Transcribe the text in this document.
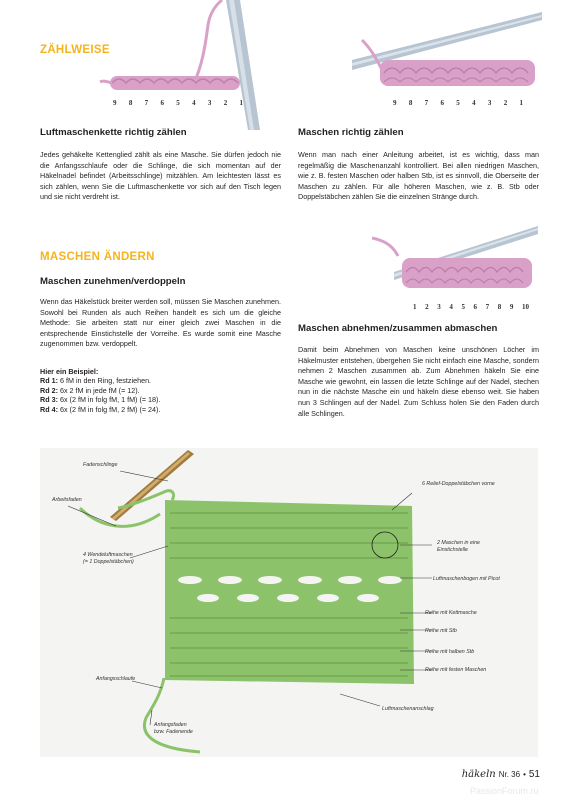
9 8 7 6 5 4 3 2 1	9 8 7 6 5 4 3 2 1
ZÄHLWEISE
Luftmaschenkette richtig zählen

Jedes gehäkelte Kettenglied zählt als eine Masche. Sie dürfen jedoch nie die Anfangsschlaufe oder die Schlinge, die sich momentan auf der Häkelnadel befindet (Arbeitsschlinge) mitzählen. Am leichtesten lässt es sich zählen, wenn Sie die Luftmaschenkette vor sich auf den Tisch legen und sie nicht verdreht ist.

Maschen richtig zählen

Wenn man nach einer Anleitung arbeitet, ist es wichtig, dass man regelmäßig die Maschenanzahl kontrolliert. Bei allen niedrigen Maschen, wie z. B. festen Maschen oder halben Stb, ist es sinnvoll, die Oberseite der Maschen zu zählen. Für alle höheren Maschen, wie z. B. Stb oder Doppelstäbchen zählen Sie die einzelnen Stränge durch.

MASCHEN ÄNDERN
Maschen zunehmen/verdoppeln

Wenn das Häkelstück breiter werden soll, müssen Sie Maschen zunehmen. Sowohl bei Runden als auch Reihen handelt es sich um die gleiche Methode: Sie arbeiten statt nur einer gleich zwei Maschen in die entsprechende Einstichstelle der Vorreihe. Es wurde somit eine Masche zugenommen bzw. verdoppelt.

Hier ein Beispiel:
Rd 1: 6 fM in den Ring, festziehen.
Rd 2: 6x 2 fM in jede fM (= 12).
Rd 3: 6x (2 fM in folg fM, 1 fM) (= 18).
Rd 4: 6x (2 fM in folg fM, 2 fM) (= 24).
1 2 3 4 5 6 7 8 9 10
Maschen abnehmen/zusammen abmaschen

Damit beim Abnehmen von Maschen keine unschönen Löcher im Häkelmuster entstehen, übergehen Sie nicht einfach eine Masche, sondern nehmen 2 Maschen zusammen ab. Zum Abnehmen häkeln Sie eine Masche wie gewohnt, ein lassen die letzte Schlinge auf der Nadel, stechen nun in die nächste Masche ein und häkeln diese ebenso weit. Sie haben nun 3 Schlingen auf der Nadel. Zum Schluss holen Sie den Faden durch alle Schlingen.

Fadenschlinge
Arbeitsfaden
4 Wendeluftmaschen
(= 1 Doppelstäbchen)
Anfangsschlaufe
Anfangsfaden
bzw. Fadenende
6 Relief-Doppelstäbchen vorne
2 Maschen in eine
Einstichstelle
Luftmaschenbogen mit Picot
Reihe mit Kettmasche
Reihe mit Stb
Reihe mit halben Stb
Reihe mit festen Maschen
Luftmaschenanschlag
häkeln Nr. 36 • 51
PassionForum.ru
